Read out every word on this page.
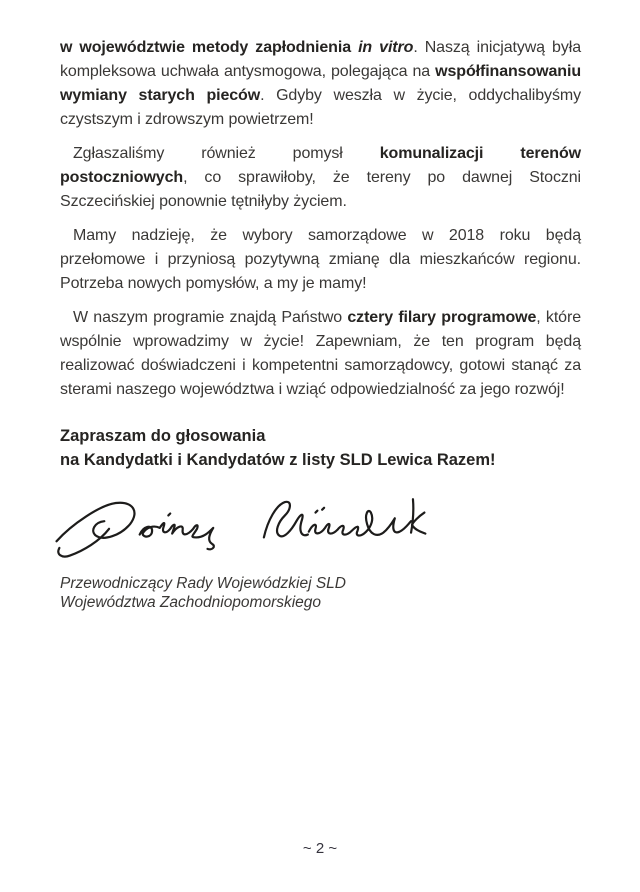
w województwie metody zapłodnienia in vitro. Naszą inicjatywą była kompleksowa uchwała antysmogowa, polegająca na współfinansowaniu wymiany starych pieców. Gdyby weszła w życie, oddychalibyśmy czystszym i zdrowszym powietrzem!

Zgłaszaliśmy również pomysł komunalizacji terenów postoczniowych, co sprawiłoby, że tereny po dawnej Stoczni Szczecińskiej ponownie tętniłyby życiem.

Mamy nadzieję, że wybory samorządowe w 2018 roku będą przełomowe i przyniosą pozytywną zmianę dla mieszkańców regionu. Potrzeba nowych pomysłów, a my je mamy!

W naszym programie znajdą Państwo cztery filary programowe, które wspólnie wprowadzimy w życie! Zapewniam, że ten program będą realizować doświadczeni i kompetentni samorządowcy, gotowi stanąć za sterami naszego województwa i wziąć odpowiedzialność za jego rozwój!

Zapraszam do głosowania
na Kandydatki i Kandydatów z listy SLD Lewica Razem!
Przewodniczący Rady Wojewódzkiej SLD
Województwa Zachodniopomorskiego
~ 2 ~
